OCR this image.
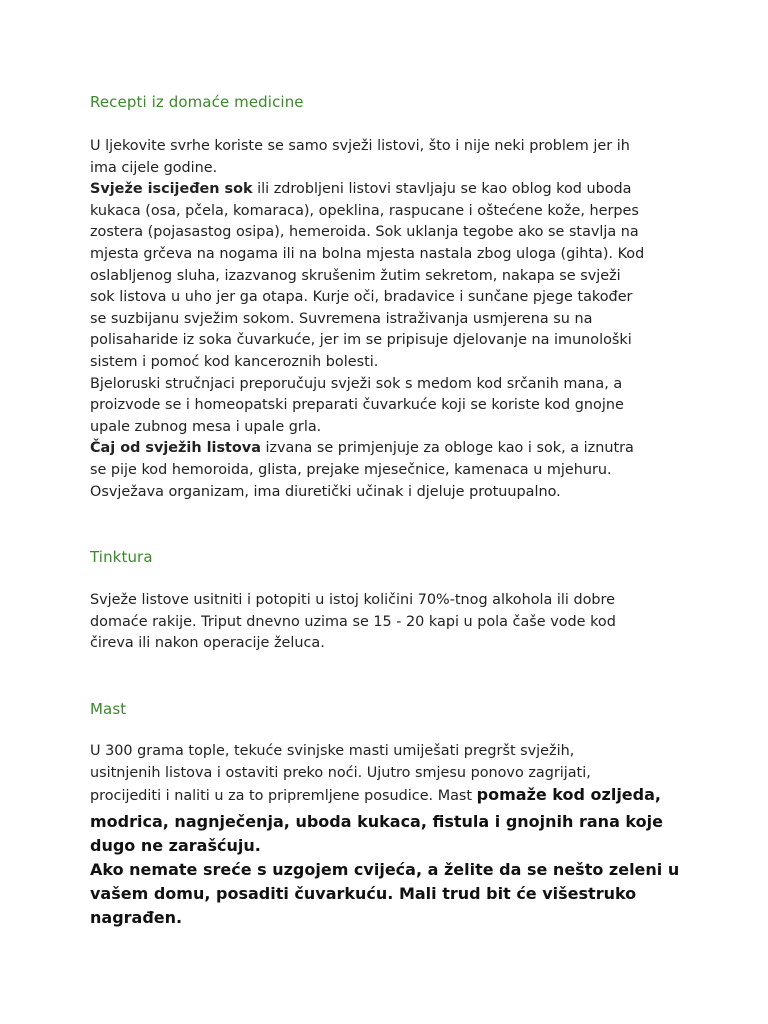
Recepti iz domaće medicine
U ljekovite svrhe koriste se samo svježi listovi, što i nije neki problem jer ih
ima cijele godine.
Svježe iscijeđen sok ili zdrobljeni listovi stavljaju se kao oblog kod uboda
kukaca (osa, pčela, komaraca), opeklina, raspucane i oštećene kože, herpes
zostera (pojasastog osipa), hemeroida. Sok uklanja tegobe ako se stavlja na
mjesta grčeva na nogama ili na bolna mjesta nastala zbog uloga (gihta). Kod
oslabljenog sluha, izazvanog skrušenim žutim sekretom, nakapa se svježi
sok listova u uho jer ga otapa. Kurje oči, bradavice i sunčane pjege također
se suzbijanu svježim sokom. Suvremena istraživanja usmjerena su na
polisaharide iz soka čuvarkuće, jer im se pripisuje djelovanje na imunološki
sistem i pomoć kod kanceroznih bolesti.
Bjeloruski stručnjaci preporučuju svježi sok s medom kod srčanih mana, a
proizvode se i homeopatski preparati čuvarkuće koji se koriste kod gnojne
upale zubnog mesa i upale grla.
Čaj od svježih listova izvana se primjenjuje za obloge kao i sok, a iznutra
se pije kod hemoroida, glista, prejake mjesečnice, kamenaca u mjehuru.
Osvježava organizam, ima diuretički učinak i djeluje protuupalno.
Tinktura
Svježe listove usitniti i potopiti u istoj količini 70%-tnog alkohola ili dobre
domaće rakije. Triput dnevno uzima se 15 - 20 kapi u pola čaše vode kod
čireva ili nakon operacije želuca.
Mast
U 300 grama tople, tekuće svinjske masti umiješati pregršt svježih,
usitnjenih listova i ostaviti preko noći. Ujutro smjesu ponovo zagrijati,
procijediti i naliti u za to pripremljene posudice. Mast pomaže kod ozljeda,
modrica, nagnječenja, uboda kukaca, fistula i gnojnih rana koje
dugo ne zarašćuju.
Ako nemate sreće s uzgojem cvijeća, a želite da se nešto zeleni u
vašem domu, posaditi čuvarkuću. Mali trud bit će višestruko
nagrađen.
